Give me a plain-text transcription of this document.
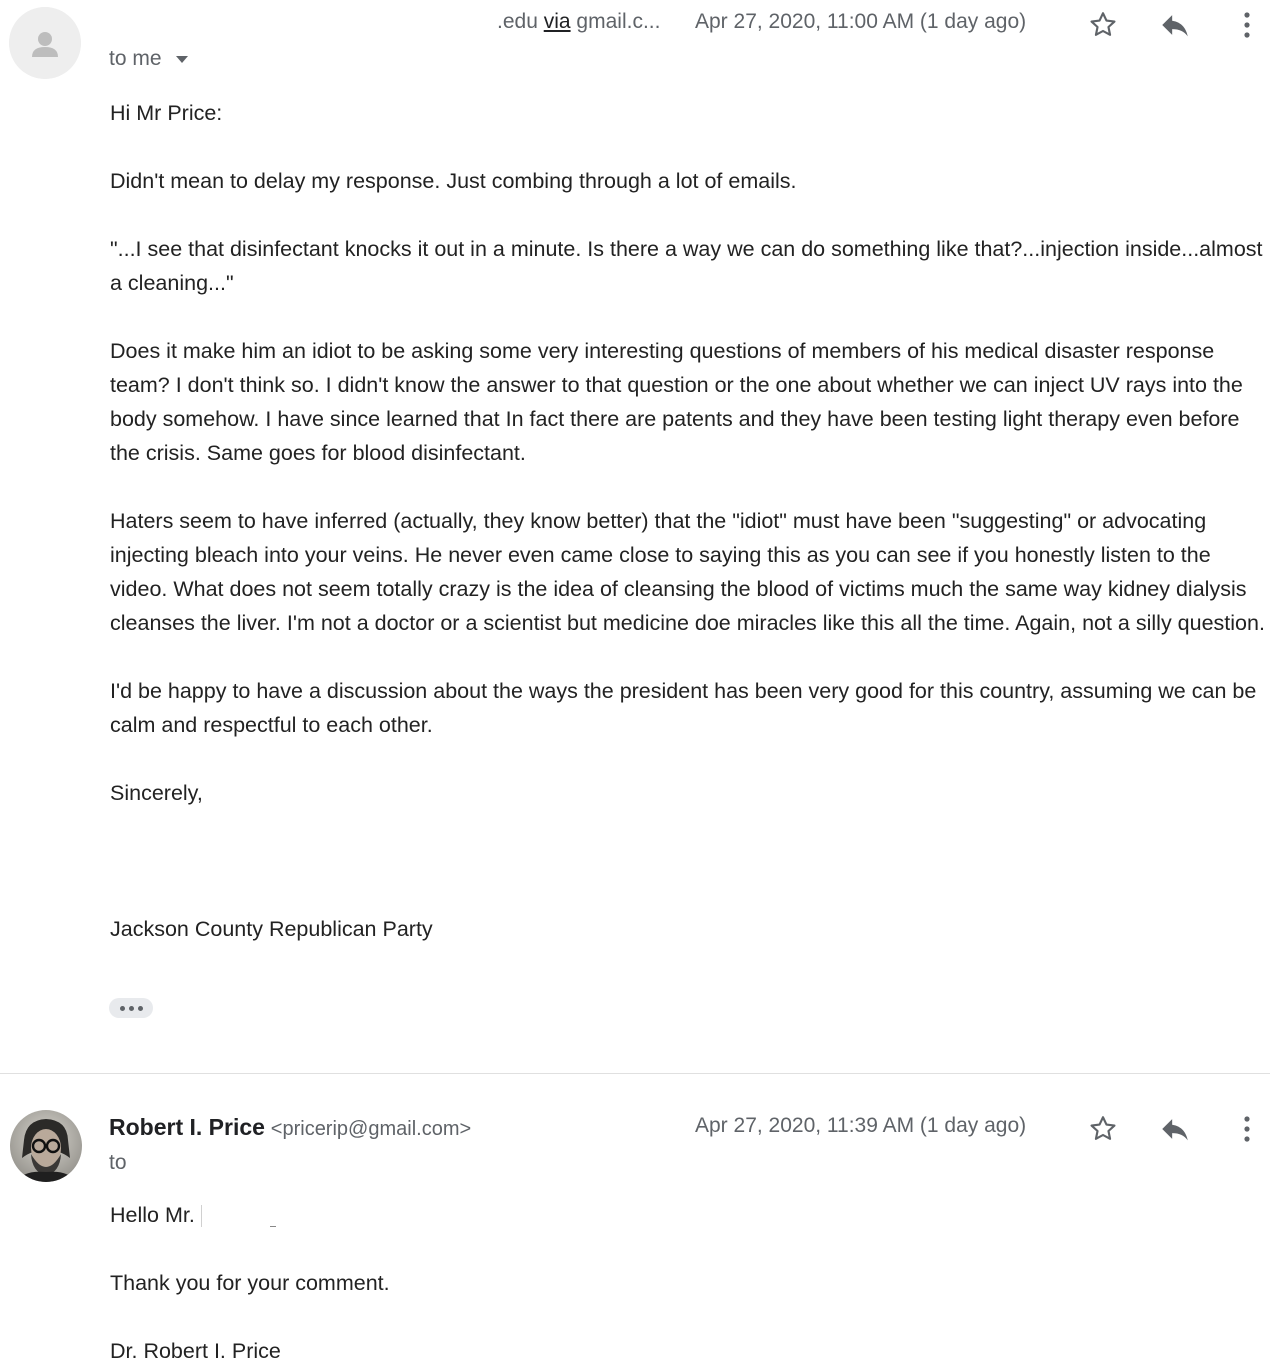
.edu via gmail.c... Apr 27, 2020, 11:00 AM (1 day ago)
to me

Hi Mr Price:

Didn't mean to delay my response. Just combing through a lot of emails.

"...I see that disinfectant knocks it out in a minute. Is there a way we can do something like that?...injection inside...almost a cleaning..."

Does it make him an idiot to be asking some very interesting questions of members of his medical disaster response team? I don't think so. I didn't know the answer to that question or the one about whether we can inject UV rays into the body somehow. I have since learned that In fact there are patents and they have been testing light therapy even before the crisis. Same goes for blood disinfectant.

Haters seem to have inferred (actually, they know better) that the "idiot" must have been "suggesting" or advocating injecting bleach into your veins. He never even came close to saying this as you can see if you honestly listen to the video. What does not seem totally crazy is the idea of cleansing the blood of victims much the same way kidney dialysis cleanses the liver. I'm not a doctor or a scientist but medicine doe miracles like this all the time. Again, not a silly question.

I'd be happy to have a discussion about the ways the president has been very good for this country, assuming we can be calm and respectful to each other.

Sincerely,

Jackson County Republican Party

Robert I. Price <pricerip@gmail.com>	Apr 27, 2020, 11:39 AM (1 day ago)
to

Hello Mr.

Thank you for your comment.

Dr. Robert I. Price
